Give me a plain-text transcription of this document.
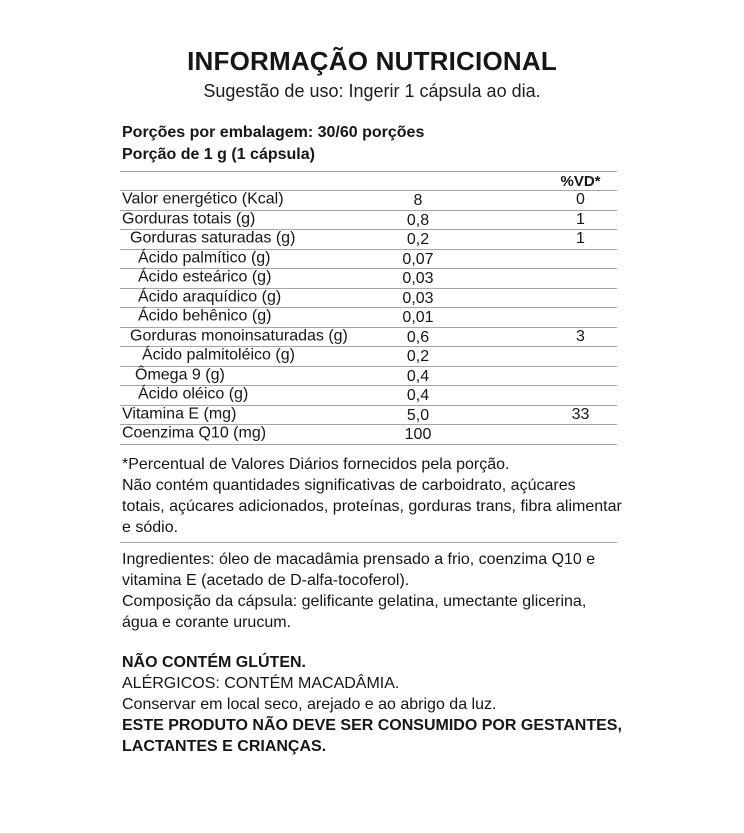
INFORMAÇÃO NUTRICIONAL
Sugestão de uso: Ingerir 1 cápsula ao dia.
Porções por embalagem: 30/60 porções
Porção de 1 g (1 cápsula)
%VD*
Valor energético (Kcal)	8	0
Gorduras totais (g)	0,8	1
Gorduras saturadas (g)	0,2	1
Ácido palmítico (g)	0,07
Ácido esteárico (g)	0,03
Ácido araquídico (g)	0,03
Ácido behênico (g)	0,01
Gorduras monoinsaturadas (g)	0,6	3
Ácido palmitoléico (g)	0,2
Ômega 9 (g)	0,4
Ácido oléico (g)	0,4
Vitamina E (mg)	5,0	33
Coenzima Q10 (mg)	100
*Percentual de Valores Diários fornecidos pela porção.
Não contém quantidades significativas de carboidrato, açúcares totais, açúcares adicionados, proteínas, gorduras trans, fibra alimentar e sódio.
Ingredientes: óleo de macadâmia prensado a frio, coenzima Q10 e vitamina E (acetado de D-alfa-tocoferol).
Composição da cápsula: gelificante gelatina, umectante glicerina, água e corante urucum.
NÃO CONTÉM GLÚTEN.
ALÉRGICOS: CONTÉM MACADÂMIA.
Conservar em local seco, arejado e ao abrigo da luz.
ESTE PRODUTO NÃO DEVE SER CONSUMIDO POR GESTANTES, LACTANTES E CRIANÇAS.
